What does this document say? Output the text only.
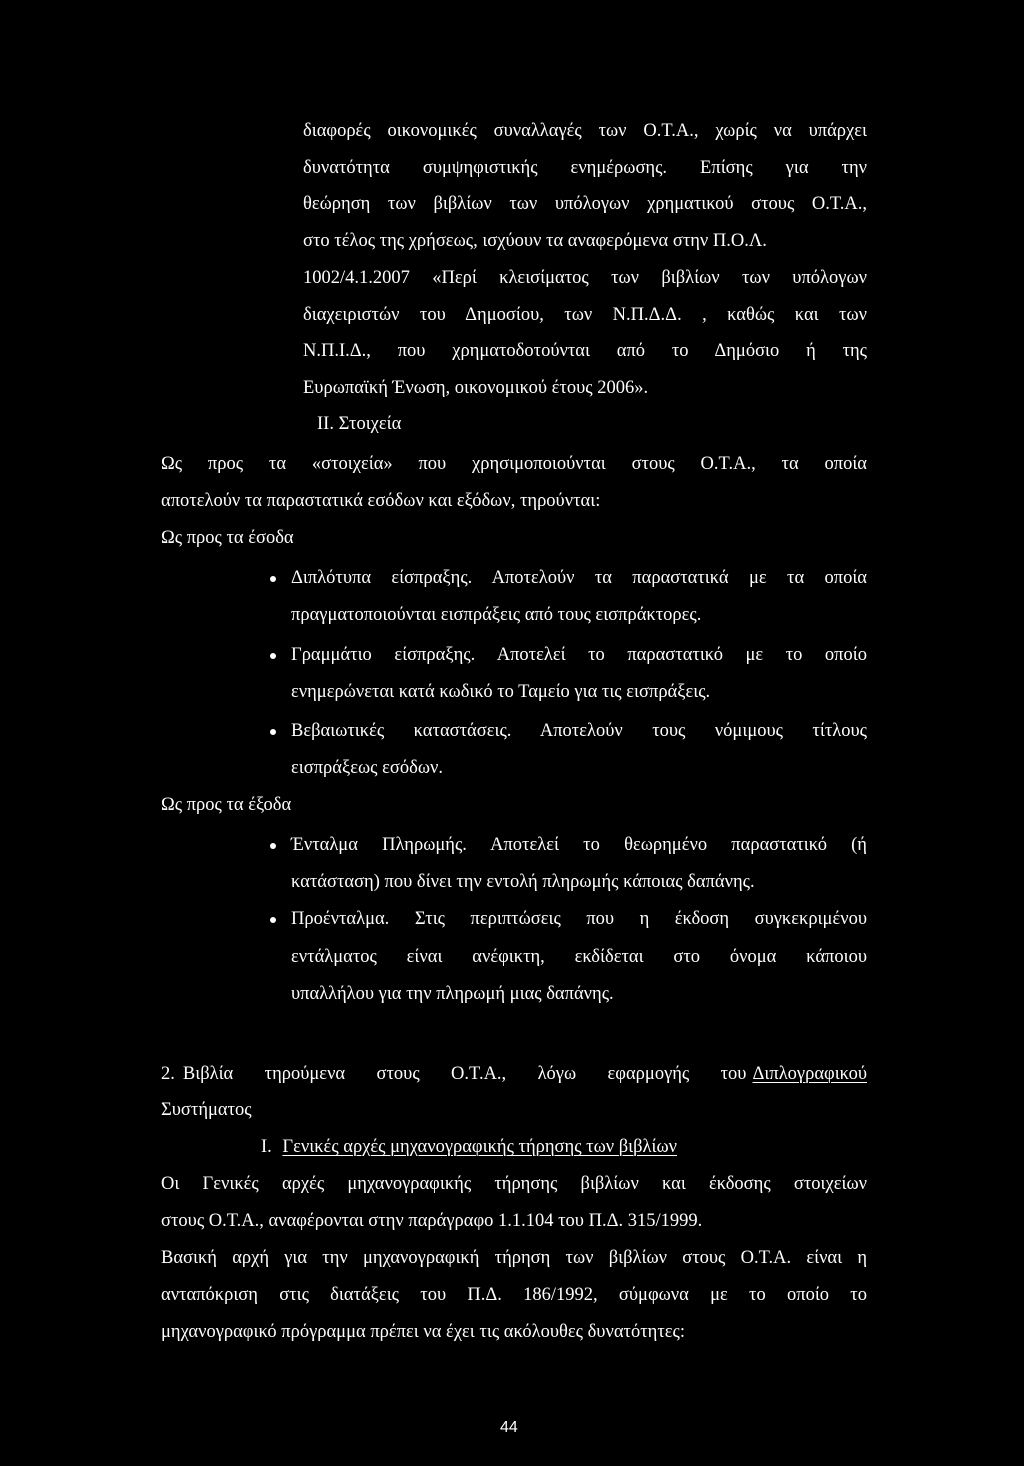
διαφορές οικονομικές συναλλαγές των Ο.Τ.Α., χωρίς να υπάρχει
δυνατότητα συμψηφιστικής ενημέρωσης. Επίσης για την
θεώρηση των βιβλίων των υπόλογων χρηματικού στους Ο.Τ.Α.,
στο τέλος της χρήσεως, ισχύουν τα αναφερόμενα στην Π.Ο.Λ.
1002/4.1.2007 «Περί κλεισίματος των βιβλίων των υπόλογων
διαχειριστών του Δημοσίου, των Ν.Π.Δ.Δ. , καθώς και των
Ν.Π.Ι.Δ., που χρηματοδοτούνται από το Δημόσιο ή της
Ευρωπαϊκή Ένωση, οικονομικού έτους 2006».
II. Στοιχεία
Ως προς τα «στοιχεία» που χρησιμοποιούνται στους Ο.Τ.Α., τα οποία
αποτελούν τα παραστατικά εσόδων και εξόδων, τηρούνται:
Ως προς τα έσοδα
Διπλότυπα είσπραξης. Αποτελούν τα παραστατικά με τα οποία
πραγματοποιούνται εισπράξεις από τους εισπράκτορες.
Γραμμάτιο είσπραξης. Αποτελεί το παραστατικό με το οποίο
ενημερώνεται κατά κωδικό το Ταμείο για τις εισπράξεις.
Βεβαιωτικές καταστάσεις. Αποτελούν τους νόμιμους τίτλους
εισπράξεως εσόδων.
Ως προς τα έξοδα
Ένταλμα Πληρωμής. Αποτελεί το θεωρημένο παραστατικό (ή
κατάσταση) που δίνει την εντολή πληρωμής κάποιας δαπάνης.
Προένταλμα. Στις περιπτώσεις που η έκδοση συγκεκριμένου
εντάλματος είναι ανέφικτη, εκδίδεται στο όνομα κάποιου
υπαλλήλου για την πληρωμή μιας δαπάνης.
2. Βιβλία τηρούμενα στους Ο.Τ.Α., λόγω εφαρμογής του Διπλογραφικού
Συστήματος
I. Γενικές αρχές μηχανογραφικής τήρησης των βιβλίων
Οι Γενικές αρχές μηχανογραφικής τήρησης βιβλίων και έκδοσης στοιχείων
στους Ο.Τ.Α., αναφέρονται στην παράγραφο 1.1.104 του Π.Δ. 315/1999.
Βασική αρχή για την μηχανογραφική τήρηση των βιβλίων στους Ο.Τ.Α. είναι η
ανταπόκριση στις διατάξεις του Π.Δ. 186/1992, σύμφωνα με το οποίο το
μηχανογραφικό πρόγραμμα πρέπει να έχει τις ακόλουθες δυνατότητες:
44
